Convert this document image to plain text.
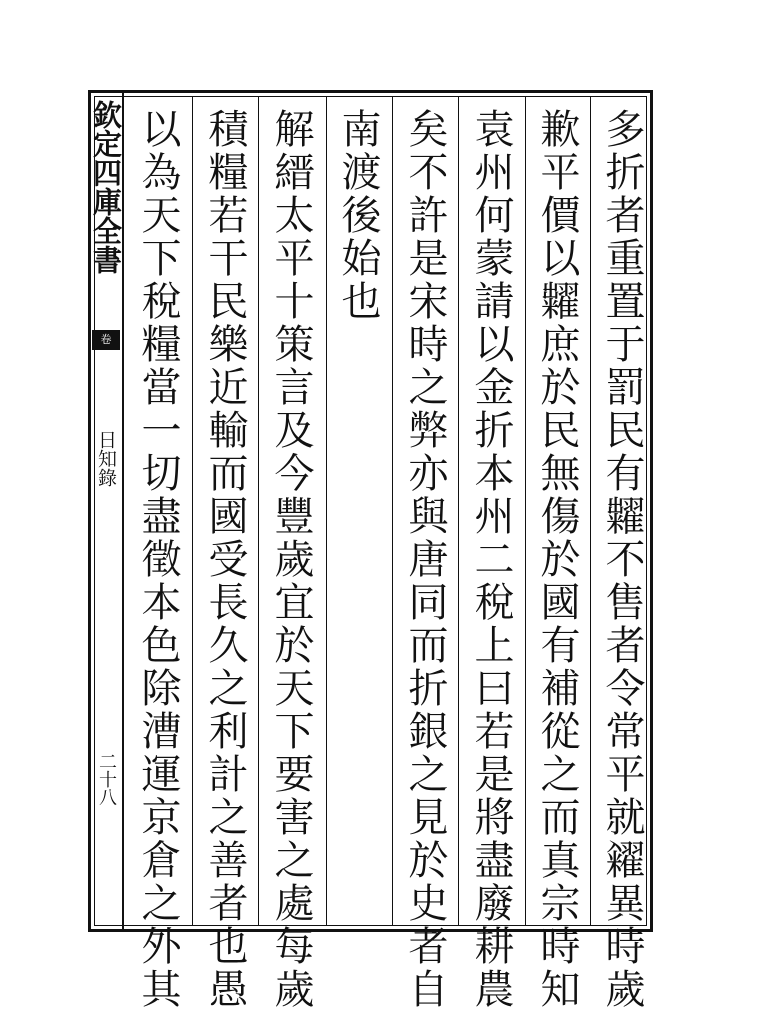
欽定四庫全書
卷
日知錄
二十八	多折者重置于罰民有糶不售者令常平就糴異時歲
歉平價以糶庶於民無傷於國有補從之而真宗時知
袁州何蒙請以金折本州二稅上曰若是將盡廢耕農
矣不許是宋時之弊亦與唐同而折銀之見於史者自
南渡後始也
解縉太平十策言及今豐歲宜於天下要害之處每歲
積糧若干民樂近輸而國受長久之利計之善者也愚
以為天下稅糧當一切盡徵本色除漕運京倉之外其
